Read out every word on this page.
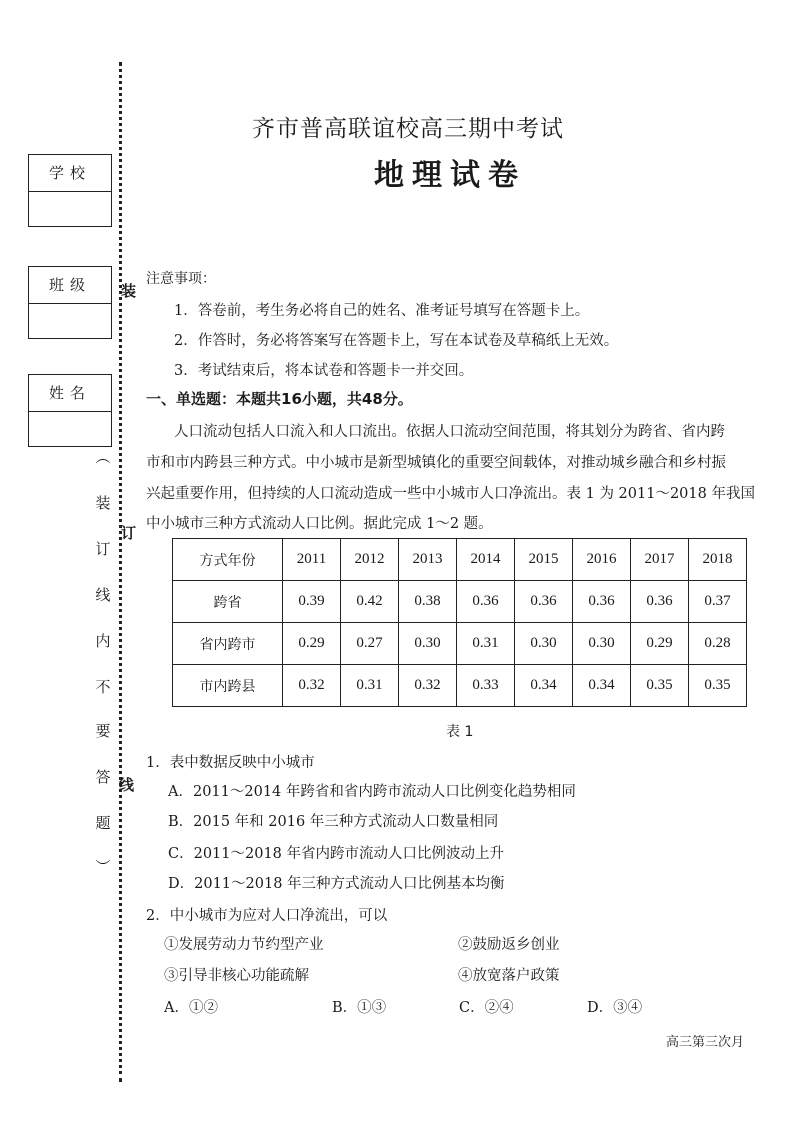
学校
班级
姓名
装
订
线
︵
装
订
线
内
不
要
答
题
︶
齐市普高联谊校高三期中考试
地理试卷
注意事项：
1．答卷前，考生务必将自己的姓名、准考证号填写在答题卡上。
2．作答时，务必将答案写在答题卡上，写在本试卷及草稿纸上无效。
3．考试结束后，将本试卷和答题卡一并交回。
一、单选题：本题共16小题，共48分。
人口流动包括人口流入和人口流出。依据人口流动空间范围，将其划分为跨省、省内跨
市和市内跨县三种方式。中小城市是新型城镇化的重要空间载体，对推动城乡融合和乡村振
兴起重要作用，但持续的人口流动造成一些中小城市人口净流出。表 1 为 2011～2018 年我国
中小城市三种方式流动人口比例。据此完成 1～2 题。
方式年份	2011	2012	2013	2014	2015	2016	2017	2018
跨省	0.39	0.42	0.38	0.36	0.36	0.36	0.36	0.37
省内跨市	0.29	0.27	0.30	0.31	0.30	0.30	0.29	0.28
市内跨县	0.32	0.31	0.32	0.33	0.34	0.34	0.35	0.35
表 1
1．表中数据反映中小城市
A．2011～2014 年跨省和省内跨市流动人口比例变化趋势相同
B．2015 年和 2016 年三种方式流动人口数量相同
C．2011～2018 年省内跨市流动人口比例波动上升
D．2011～2018 年三种方式流动人口比例基本均衡
2．中小城市为应对人口净流出，可以
①发展劳动力节约型产业	②鼓励返乡创业
③引导非核心功能疏解	④放宽落户政策
A．①②	B．①③	C．②④	D．③④
高三第三次月
